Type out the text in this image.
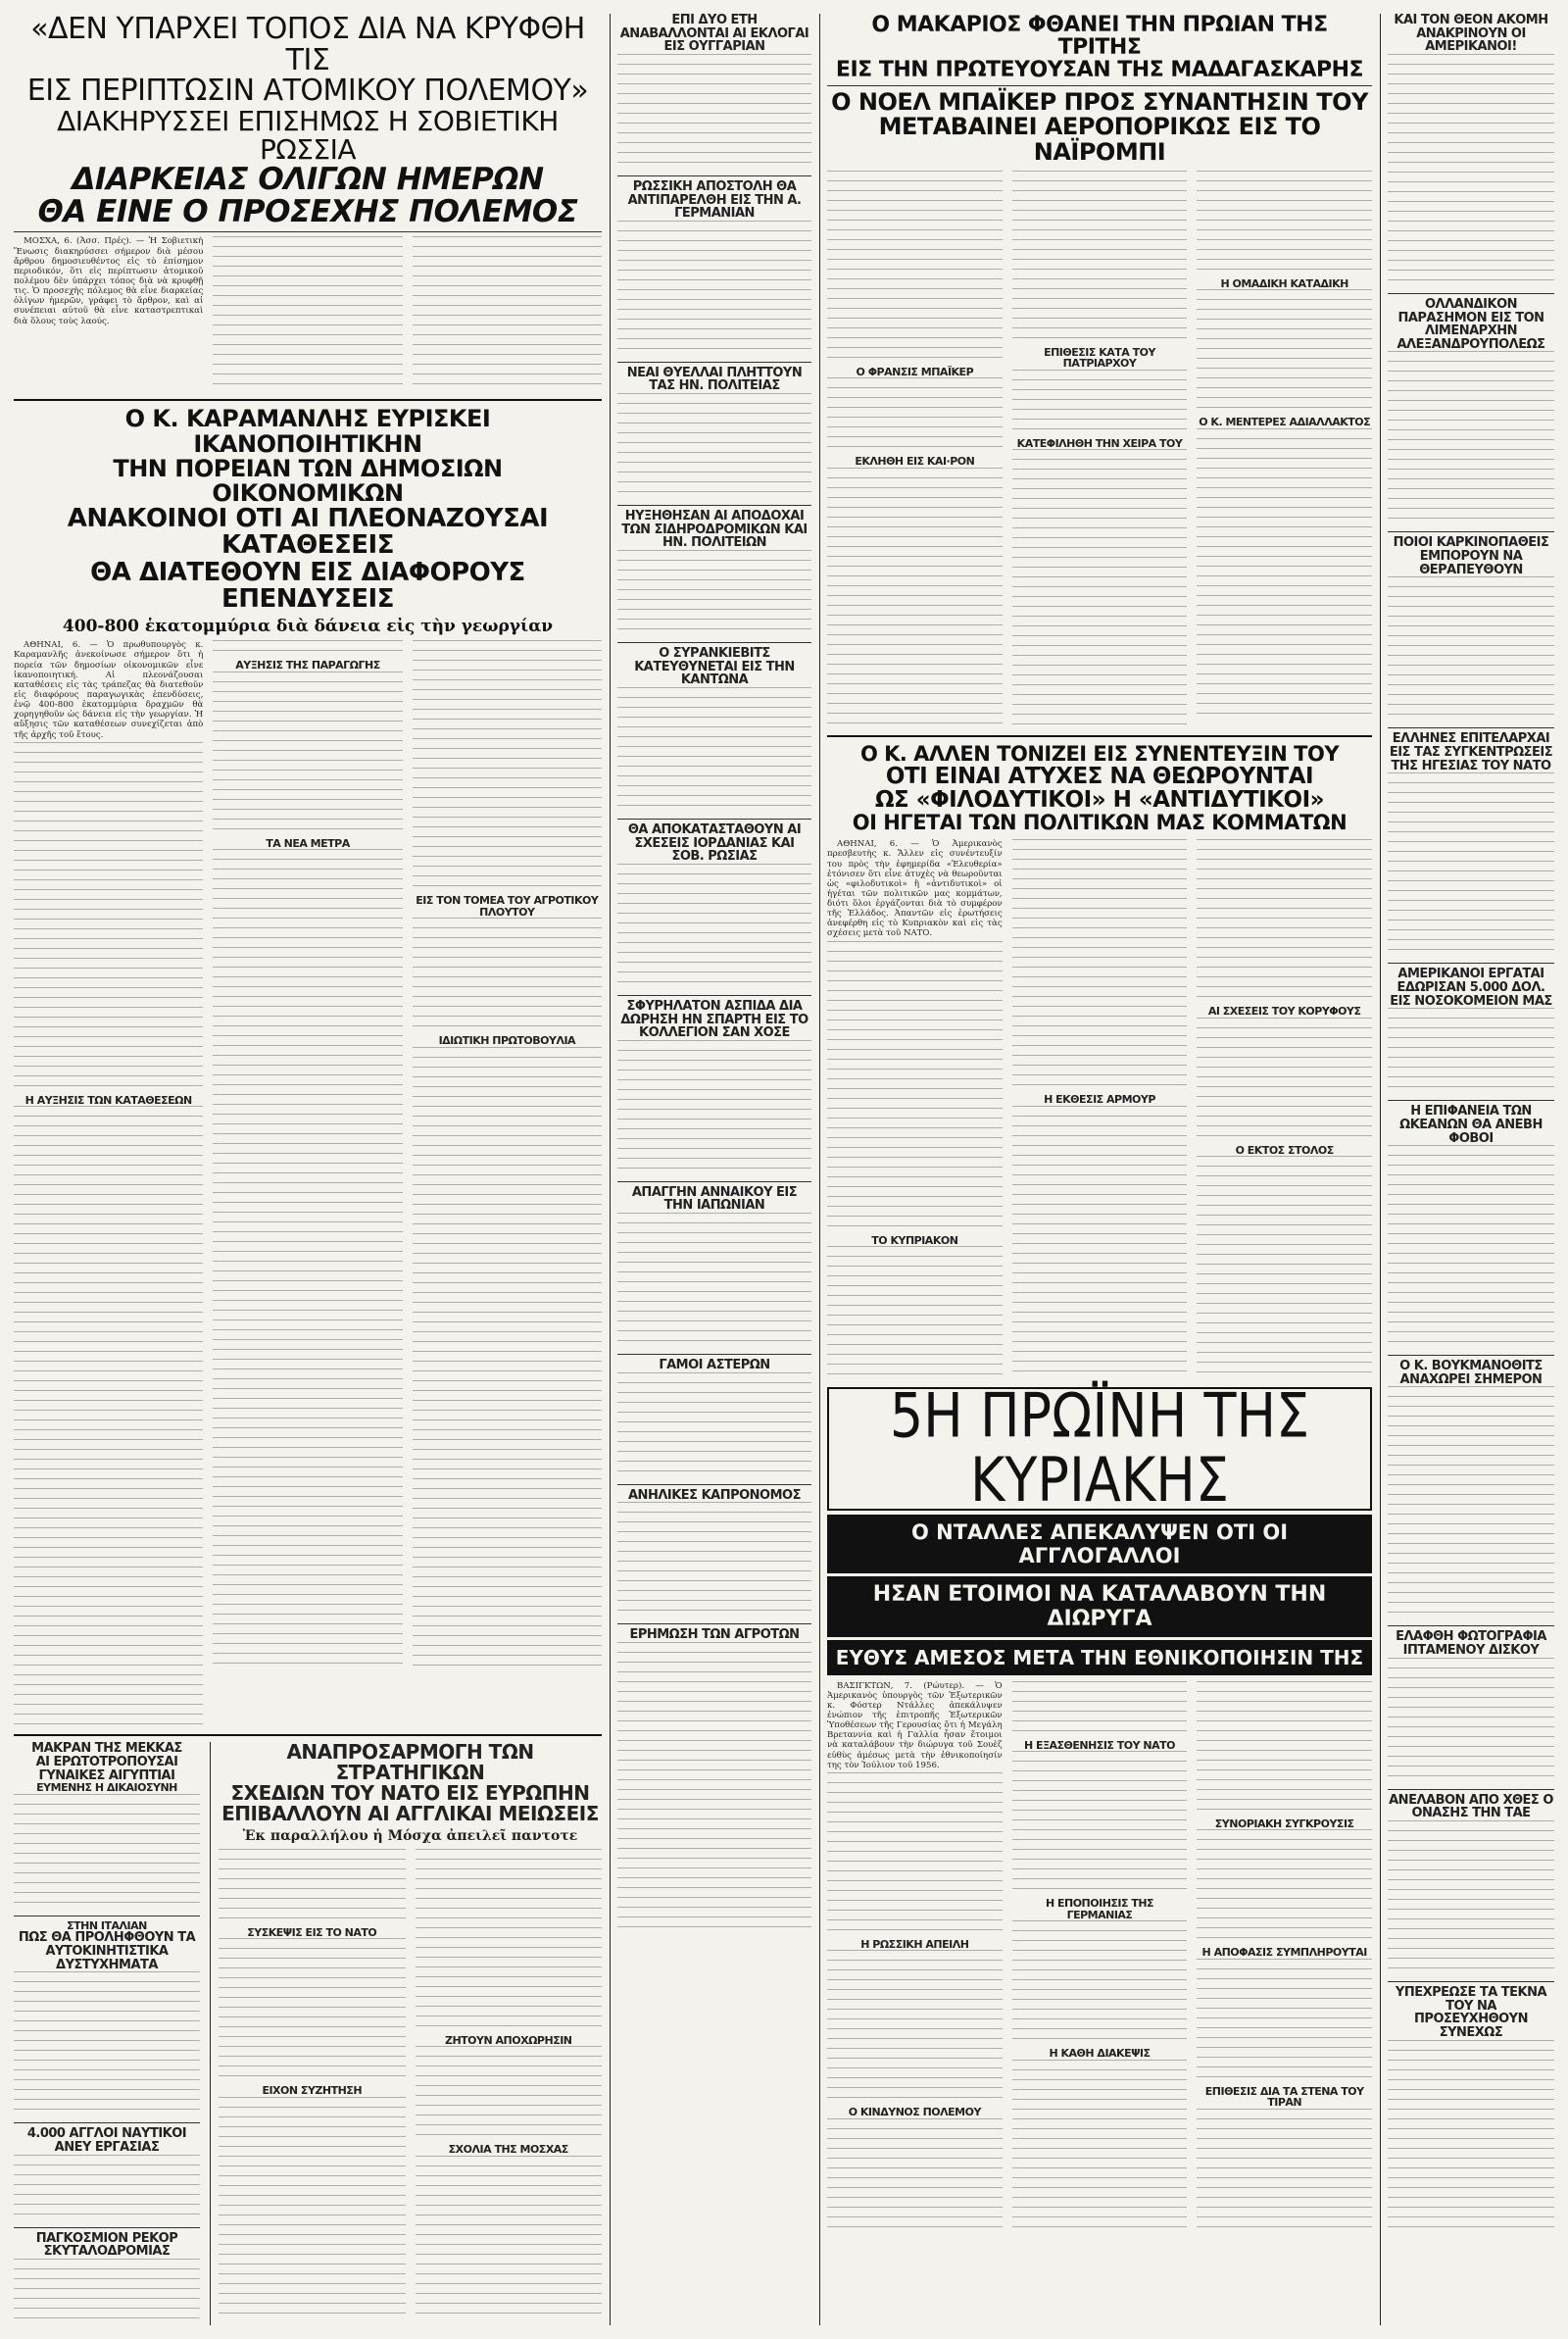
«ΔΕΝ ΥΠΑΡΧΕΙ ΤΟΠΟΣ ΔΙΑ ΝΑ ΚΡΥΦΘΗ ΤΙΣ
ΕΙΣ ΠΕΡΙΠΤΩΣΙΝ ΑΤΟΜΙΚΟΥ ΠΟΛΕΜΟΥ»
ΔΙΑΚΗΡΥΣΣΕΙ ΕΠΙΣΗΜΩΣ Η ΣΟΒΙΕΤΙΚΗ ΡΩΣΣΙΑ
ΔΙΑΡΚΕΙΑΣ ΟΛΙΓΩΝ ΗΜΕΡΩΝ
ΘΑ ΕΙΝΕ Ο ΠΡΟΣΕΧΗΣ ΠΟΛΕΜΟΣ

ΜΟΣΧΑ, 6. (Ἀσσ. Πρές). — Ἡ Σοβιετικὴ Ἕνωσις διακηρύσσει σήμερον διὰ μέσου ἄρθρου δημοσιευθέντος εἰς τὸ ἐπίσημον περιοδικόν, ὅτι εἰς περίπτωσιν ἀτομικοῦ πολέμου δὲν ὑπάρχει τόπος διὰ νὰ κρυφθῇ τις. Ὁ προσεχὴς πόλεμος θὰ εἶνε διαρκείας ὀλίγων ἡμερῶν, γράφει τὸ ἄρθρον, καὶ αἱ συνέπειαι αὐτοῦ θὰ εἶνε καταστρεπτικαὶ διὰ ὅλους τοὺς λαούς.

Ο Κ. ΚΑΡΑΜΑΝΛΗΣ ΕΥΡΙΣΚΕΙ ΙΚΑΝΟΠΟΙΗΤΙΚΗΝ
ΤΗΝ ΠΟΡΕΙΑΝ ΤΩΝ ΔΗΜΟΣΙΩΝ ΟΙΚΟΝΟΜΙΚΩΝ
ΑΝΑΚΟΙΝΟΙ ΟΤΙ ΑΙ ΠΛΕΟΝΑΖΟΥΣΑΙ ΚΑΤΑΘΕΣΕΙΣ
ΘΑ ΔΙΑΤΕΘΟΥΝ ΕΙΣ ΔΙΑΦΟΡΟΥΣ ΕΠΕΝΔΥΣΕΙΣ
400-800 ἑκατομμύρια διὰ δάνεια εἰς τὴν γεωργίαν

ΑΘΗΝΑΙ, 6. — Ὁ πρωθυπουργὸς κ. Καραμανλῆς ἀνεκοίνωσε σήμερον ὅτι ἡ πορεία τῶν δημοσίων οἰκονομικῶν εἶνε ἱκανοποιητική. Αἱ πλεονάζουσαι καταθέσεις εἰς τὰς τράπεζας θὰ διατεθοῦν εἰς διαφόρους παραγωγικὰς ἐπενδύσεις, ἐνῷ 400-800 ἑκατομμύρια δραχμῶν θὰ χορηγηθοῦν ὡς δάνεια εἰς τὴν γεωργίαν. Ἡ αὔξησις τῶν καταθέσεων συνεχίζεται ἀπὸ τῆς ἀρχῆς τοῦ ἔτους.

Η ΑΥΞΗΣΙΣ ΤΩΝ ΚΑΤΑΘΕΣΕΩΝ
ΑΥΞΗΣΙΣ ΤΗΣ ΠΑΡΑΓΩΓΗΣ
ΤΑ ΝΕΑ ΜΕΤΡΑ
ΕΙΣ ΤΟΝ ΤΟΜΕΑ ΤΟΥ ΑΓΡΟΤΙΚΟΥ ΠΛΟΥΤΟΥ
ΙΔΙΩΤΙΚΗ ΠΡΩΤΟΒΟΥΛΙΑ
ΜΑΚΡΑΝ ΤΗΣ ΜΕΚΚΑΣ
ΑΙ ΕΡΩΤΟΤΡΟΠΟΥΣΑΙ ΓΥΝΑΙΚΕΣ ΑΙΓΥΠΤΙΑΙ
ΕΥΜΕΝΗΣ Η ΔΙΚΑΙΟΣΥΝΗ
ΣΤΗΝ ΙΤΑΛΙΑΝ
ΠΩΣ ΘΑ ΠΡΟΛΗΦΘΟΥΝ ΤΑ ΑΥΤΟΚΙΝΗΤΙΣΤΙΚΑ ΔΥΣΤΥΧΗΜΑΤΑ
4.000 ΑΓΓΛΟΙ ΝΑΥΤΙΚΟΙ ΑΝΕΥ ΕΡΓΑΣΙΑΣ
ΠΑΓΚΟΣΜΙΟΝ ΡΕΚΟΡ ΣΚΥΤΑΛΟΔΡΟΜΙΑΣ
ΑΝΑΠΡΟΣΑΡΜΟΓΗ ΤΩΝ ΣΤΡΑΤΗΓΙΚΩΝ
ΣΧΕΔΙΩΝ ΤΟΥ ΝΑΤΟ ΕΙΣ ΕΥΡΩΠΗΝ
ΕΠΙΒΑΛΛΟΥΝ ΑΙ ΑΓΓΛΙΚΑΙ ΜΕΙΩΣΕΙΣ
Ἐκ παραλλήλου ἡ Μόσχα ἀπειλεῖ παντοτε
ΣΥΣΚΕΨΙΣ ΕΙΣ ΤΟ ΝΑΤΟ
ΕΙΧΟΝ ΣΥΖΗΤΗΣΗ
ΖΗΤΟΥΝ ΑΠΟΧΩΡΗΣΙΝ
ΣΧΟΛΙΑ ΤΗΣ ΜΟΣΧΑΣ
ΕΠΙ ΔΥΟ ΕΤΗ ΑΝΑΒΑΛΛΟΝΤΑΙ ΑΙ ΕΚΛΟΓΑΙ ΕΙΣ ΟΥΓΓΑΡΙΑΝ
ΡΩΣΣΙΚΗ ΑΠΟΣΤΟΛΗ ΘΑ ΑΝΤΙΠΑΡΕΛΘΗ ΕΙΣ ΤΗΝ Α. ΓΕΡΜΑΝΙΑΝ
ΝΕΑΙ ΘΥΕΛΛΑΙ ΠΛΗΤΤΟΥΝ ΤΑΣ ΗΝ. ΠΟΛΙΤΕΙΑΣ
ΗΥΞΗΘΗΣΑΝ ΑΙ ΑΠΟΔΟΧΑΙ ΤΩΝ ΣΙΔΗΡΟΔΡΟΜΙΚΩΝ ΚΑΙ ΗΝ. ΠΟΛΙΤΕΙΩΝ
Ο ΣΥΡΑΝΚΙΕΒΙΤΣ ΚΑΤΕΥΘΥΝΕΤΑΙ ΕΙΣ ΤΗΝ ΚΑΝΤΩΝΑ
ΘΑ ΑΠΟΚΑΤΑΣΤΑΘΟΥΝ ΑΙ ΣΧΕΣΕΙΣ ΙΟΡΔΑΝΙΑΣ ΚΑΙ ΣΟΒ. ΡΩΣΙΑΣ
ΣΦΥΡΗΛΑΤΟΝ ΑΣΠΙΔΑ ΔΙΑ ΔΩΡΗΣΗ ΗΝ ΣΠΑΡΤΗ ΕΙΣ ΤΟ ΚΟΛΛΕΓΙΟΝ ΣΑΝ ΧΟΣΕ
ΑΠΑΓΓΗΝ ΑΝΝΑΙΚΟΥ ΕΙΣ ΤΗΝ ΙΑΠΩΝΙΑΝ
ΓΑΜΟΙ ΑΣΤΕΡΩΝ
ΑΝΗΛΙΚΕΣ ΚΑΠΡΟΝΟΜΟΣ
ΕΡΗΜΩΣΗ ΤΩΝ ΑΓΡΟΤΩΝ
Ο ΜΑΚΑΡΙΟΣ ΦΘΑΝΕΙ ΤΗΝ ΠΡΩΪΑΝ ΤΗΣ ΤΡΙΤΗΣ
ΕΙΣ ΤΗΝ ΠΡΩΤΕΥΟΥΣΑΝ ΤΗΣ ΜΑΔΑΓΑΣΚΑΡΗΣ
Ο ΝΟΕΛ ΜΠΑΪΚΕΡ ΠΡΟΣ ΣΥΝΑΝΤΗΣΙΝ ΤΟΥ
ΜΕΤΑΒΑΙΝΕΙ ΑΕΡΟΠΟΡΙΚΩΣ ΕΙΣ ΤΟ ΝΑΪΡΟΜΠΙ
Ο ΦΡΑΝΣΙΣ ΜΠΑΪΚΕΡ
ΕΚΛΗΘΗ ΕΙΣ ΚΑΙ·ΡΟΝ
ΕΠΙΘΕΣΙΣ ΚΑΤΑ ΤΟΥ ΠΑΤΡΙΑΡΧΟΥ
ΚΑΤΕΦΙΛΗΘΗ ΤΗΝ ΧΕΙΡΑ ΤΟΥ
Η ΟΜΑΔΙΚΗ ΚΑΤΑΔΙΚΗ
Ο Κ. ΜΕΝΤΕΡΕΣ ΑΔΙΑΛΛΑΚΤΟΣ
Ο Κ. ΑΛΛΕΝ ΤΟΝΙΖΕΙ ΕΙΣ ΣΥΝΕΝΤΕΥΞΙΝ ΤΟΥ
ΟΤΙ ΕΙΝΑΙ ΑΤΥΧΕΣ ΝΑ ΘΕΩΡΟΥΝΤΑΙ
ΩΣ «ΦΙΛΟΔΥΤΙΚΟΙ» Η «ΑΝΤΙΔΥΤΙΚΟΙ»
ΟΙ ΗΓΕΤΑΙ ΤΩΝ ΠΟΛΙΤΙΚΩΝ ΜΑΣ ΚΟΜΜΑΤΩΝ

ΑΘΗΝΑΙ, 6. — Ὁ Ἀμερικανὸς πρεσβευτὴς κ. Ἄλλεν εἰς συνέντευξίν του πρὸς τὴν ἐφημερίδα «Ἐλευθερία» ἐτόνισεν ὅτι εἶνε ἀτυχὲς νὰ θεωροῦνται ὡς «φιλοδυτικοὶ» ἢ «ἀντιδυτικοὶ» οἱ ἡγέται τῶν πολιτικῶν μας κομμάτων, διότι ὅλοι ἐργάζονται διὰ τὸ συμφέρον τῆς Ἑλλάδος. Ἀπαντῶν εἰς ἐρωτήσεις ἀνεφέρθη εἰς τὸ Κυπριακὸν καὶ εἰς τὰς σχέσεις μετὰ τοῦ ΝΑΤΟ.

ΤΟ ΚΥΠΡΙΑΚΟΝ
Η ΕΚΘΕΣΙΣ ΑΡΜΟΥΡ
ΑΙ ΣΧΕΣΕΙΣ ΤΟΥ ΚΟΡΥΦΟΥΣ
Ο ΕΚΤΟΣ ΣΤΟΛΟΣ
5Η ΠΡΩΪΝΗ ΤΗΣ ΚΥΡΙΑΚΗΣ
Ο ΝΤΑΛΛΕΣ ΑΠΕΚΑΛΥΨΕΝ ΟΤΙ ΟΙ ΑΓΓΛΟΓΑΛΛΟΙ
ΗΣΑΝ ΕΤΟΙΜΟΙ ΝΑ ΚΑΤΑΛΑΒΟΥΝ ΤΗΝ ΔΙΩΡΥΓΑ
ΕΥΘΥΣ ΑΜΕΣΟΣ ΜΕΤΑ ΤΗΝ ΕΘΝΙΚΟΠΟΙΗΣΙΝ ΤΗΣ

ΒΑΣΙΓΚΤΩΝ, 7. (Ρώυτερ). — Ὁ Ἀμερικανὸς ὑπουργὸς τῶν Ἐξωτερικῶν κ. Φόστερ Ντάλλες ἀπεκάλυψεν ἐνώπιον τῆς ἐπιτροπῆς Ἐξωτερικῶν Ὑποθέσεων τῆς Γερουσίας ὅτι ἡ Μεγάλη Βρεταννία καὶ ἡ Γαλλία ἦσαν ἕτοιμοι νὰ καταλάβουν τὴν διώρυγα τοῦ Σουὲζ εὐθὺς ἀμέσως μετὰ τὴν ἐθνικοποίησίν της τὸν Ἰούλιον τοῦ 1956.

Η ΡΩΣΣΙΚΗ ΑΠΕΙΛΗ
Ο ΚΙΝΔΥΝΟΣ ΠΟΛΕΜΟΥ
Η ΕΞΑΣΘΕΝΗΣΙΣ ΤΟΥ ΝΑΤΟ
Η ΕΠΟΠΟΙΗΣΙΣ ΤΗΣ ΓΕΡΜΑΝΙΑΣ
Η ΚΑΘΗ ΔΙΑΚΕΨΙΣ
ΣΥΝΟΡΙΑΚΗ ΣΥΓΚΡΟΥΣΙΣ
Η ΑΠΟΦΑΣΙΣ ΣΥΜΠΛΗΡΟΥΤΑΙ
ΕΠΙΘΕΣΙΣ ΔΙΑ ΤΑ ΣΤΕΝΑ ΤΟΥ ΤΙΡΑΝ
ΚΑΙ ΤΟΝ ΘΕΟΝ ΑΚΟΜΗ ΑΝΑΚΡΙΝΟΥΝ ΟΙ ΑΜΕΡΙΚΑΝΟΙ!
ΟΛΛΑΝΔΙΚΟΝ ΠΑΡΑΣΗΜΟΝ ΕΙΣ ΤΟΝ ΛΙΜΕΝΑΡΧΗΝ ΑΛΕΞΑΝΔΡΟΥΠΟΛΕΩΣ
ΠΟΙΟΙ ΚΑΡΚΙΝΟΠΑΘΕΙΣ ΕΜΠΟΡΟΥΝ ΝΑ ΘΕΡΑΠΕΥΘΟΥΝ
ΕΛΛΗΝΕΣ ΕΠΙΤΕΛΑΡΧΑΙ ΕΙΣ ΤΑΣ ΣΥΓΚΕΝΤΡΩΣΕΙΣ ΤΗΣ ΗΓΕΣΙΑΣ ΤΟΥ ΝΑΤΟ
ΑΜΕΡΙΚΑΝΟΙ ΕΡΓΑΤΑΙ ΕΔΩΡΙΣΑΝ 5.000 ΔΟΛ. ΕΙΣ ΝΟΣΟΚΟΜΕΙΟΝ ΜΑΣ
Η ΕΠΙΦΑΝΕΙΑ ΤΩΝ ΩΚΕΑΝΩΝ ΘΑ ΑΝΕΒΗ ΦΟΒΟΙ
Ο Κ. ΒΟΥΚΜΑΝΟΘΙΤΣ ΑΝΑΧΩΡΕΙ ΣΗΜΕΡΟΝ
ΕΛΑΦΘΗ ΦΩΤΟΓΡΑΦΙΑ ΙΠΤΑΜΕΝΟΥ ΔΙΣΚΟΥ
ΑΝΕΛΑΒΟΝ ΑΠΟ ΧΘΕΣ Ο ΟΝΑΣΗΣ ΤΗΝ ΤΑΕ
ΥΠΕΧΡΕΩΣΕ ΤΑ ΤΕΚΝΑ ΤΟΥ ΝΑ ΠΡΟΣΕΥΧΗΘΟΥΝ ΣΥΝΕΧΩΣ
